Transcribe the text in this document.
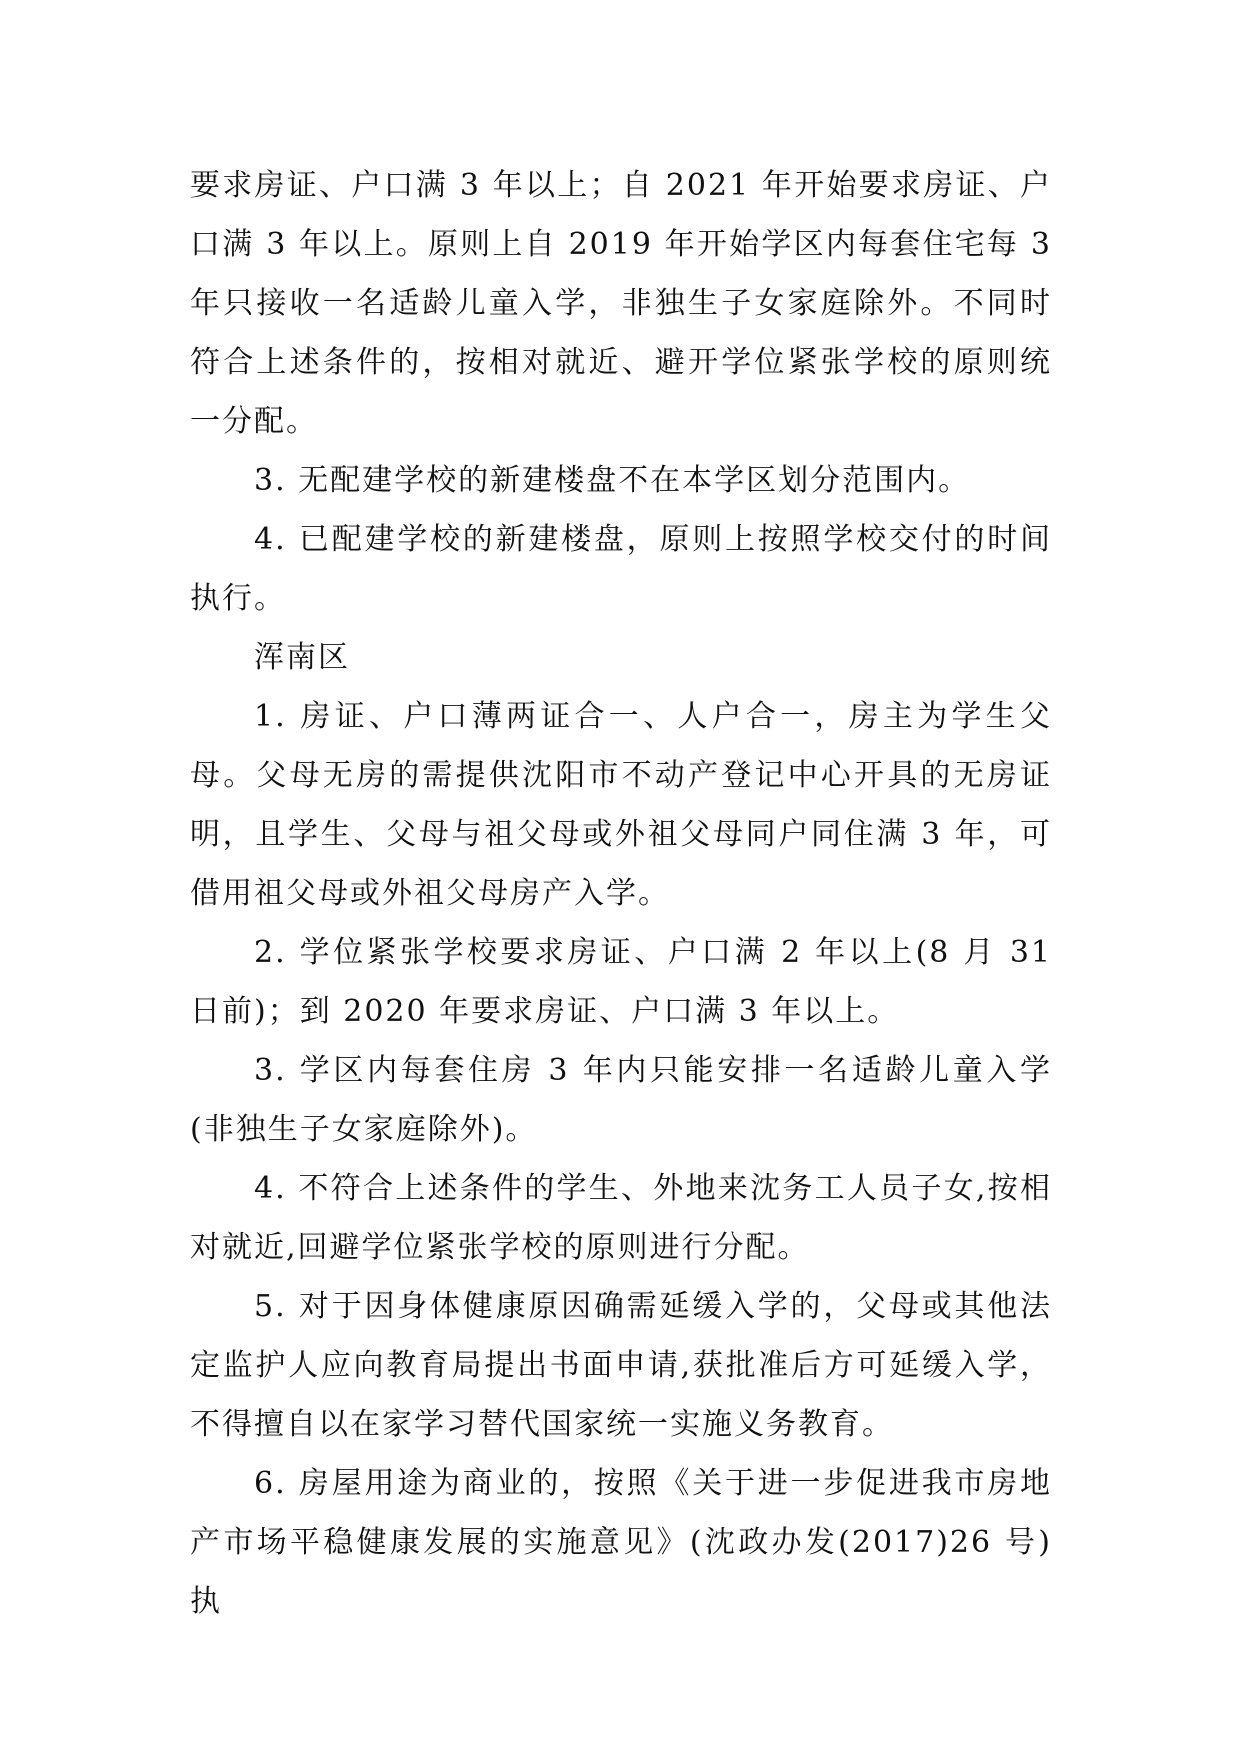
要求房证、户口满 3 年以上；自 2021 年开始要求房证、户口满 3 年以上。原则上自 2019 年开始学区内每套住宅每 3 年只接收一名适龄儿童入学，非独生子女家庭除外。不同时符合上述条件的，按相对就近、避开学位紧张学校的原则统一分配。

3. 无配建学校的新建楼盘不在本学区划分范围内。

4. 已配建学校的新建楼盘，原则上按照学校交付的时间执行。

浑南区

1. 房证、户口薄两证合一、人户合一，房主为学生父母。父母无房的需提供沈阳市不动产登记中心开具的无房证明，且学生、父母与祖父母或外祖父母同户同住满 3 年，可借用祖父母或外祖父母房产入学。

2. 学位紧张学校要求房证、户口满 2 年以上(8 月 31 日前)；到 2020 年要求房证、户口满 3 年以上。

3. 学区内每套住房 3 年内只能安排一名适龄儿童入学(非独生子女家庭除外)。

4. 不符合上述条件的学生、外地来沈务工人员子女,按相对就近,回避学位紧张学校的原则进行分配。

5. 对于因身体健康原因确需延缓入学的，父母或其他法定监护人应向教育局提出书面申请,获批准后方可延缓入学，不得擅自以在家学习替代国家统一实施义务教育。

6. 房屋用途为商业的，按照《关于进一步促进我市房地产市场平稳健康发展的实施意见》(沈政办发(2017)26 号)执
